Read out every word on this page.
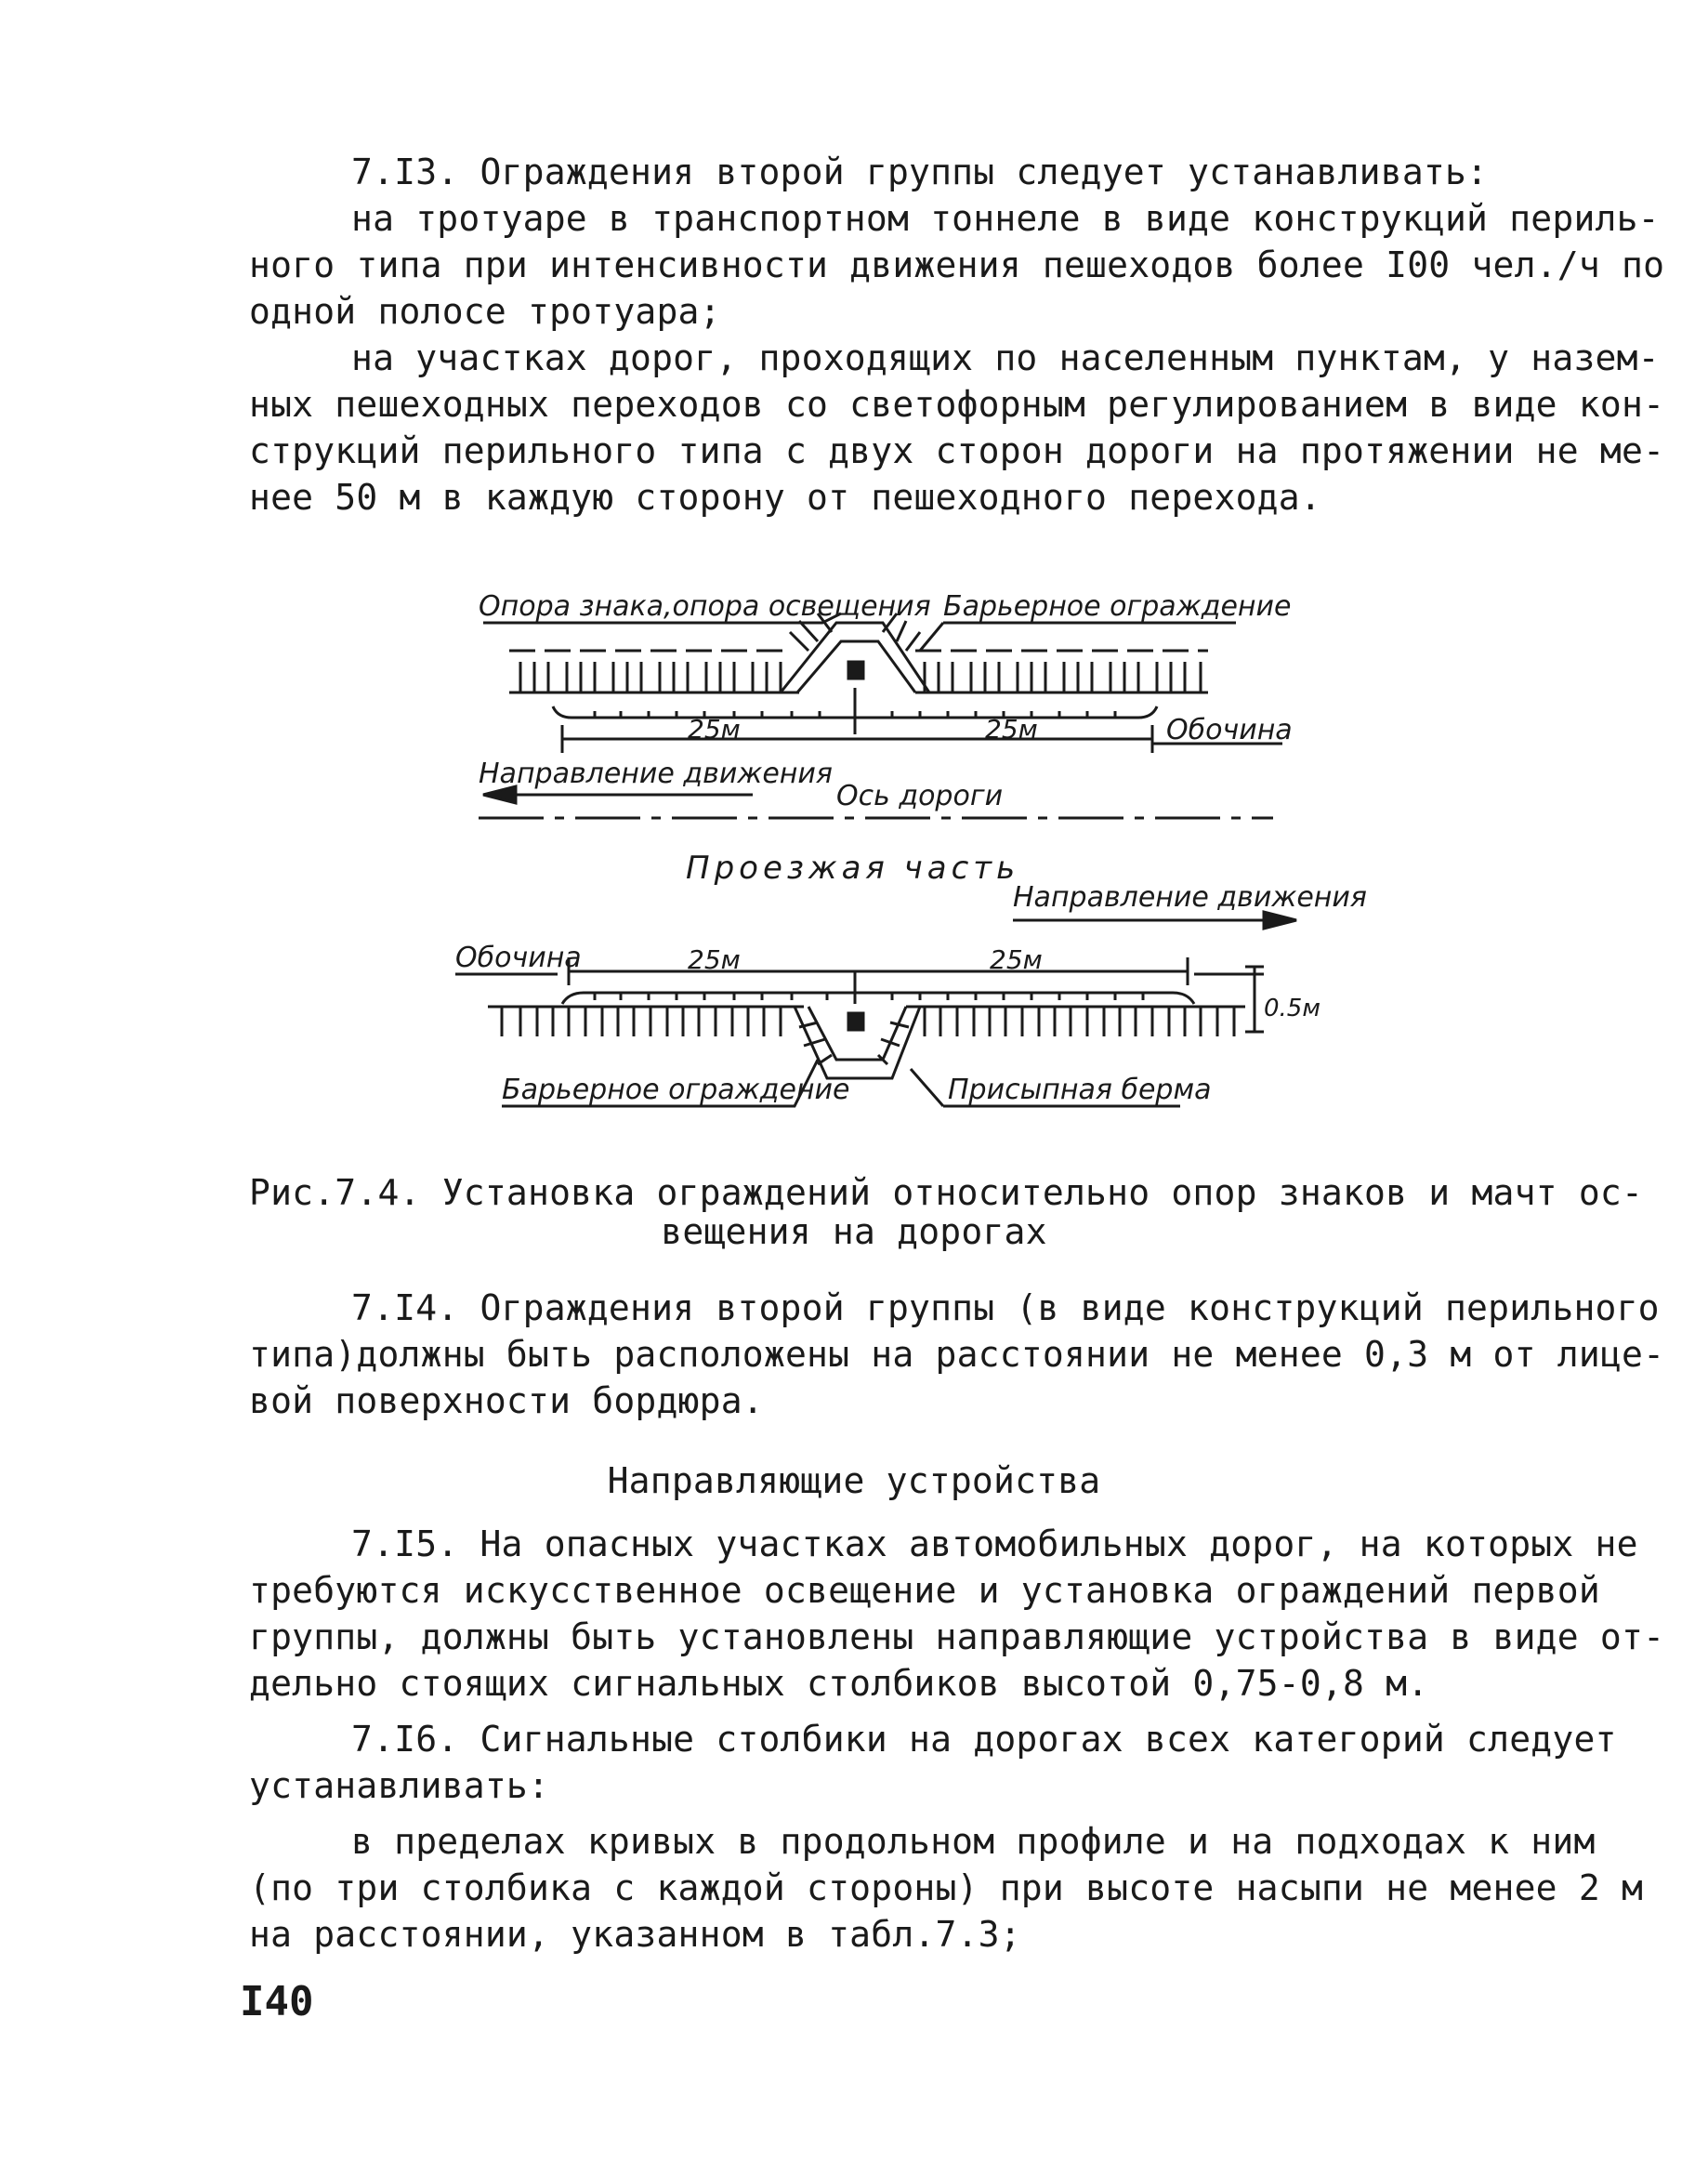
7.I3. Ограждения второй группы следует устанавливать:
на тротуаре в транспортном тоннеле в виде конструкций периль-
ного типа при интенсивности движения пешеходов более I00 чел./ч по
одной полосе тротуара;
на участках дорог, проходящих по населенным пунктам, у назем-
ных пешеходных переходов со светофорным регулированием в виде кон-
струкций перильного типа с двух сторон дороги на протяжении не ме-
нее 50 м в каждую сторону от пешеходного перехода.
Опора знака,опора освещения Барьерное ограждение
25м	25м	Обочина
Направление движения
Ось дороги
Проезжая часть
Направление движения
Обочина	25м	25м
0.5м
Барьерное ограждение	Присыпная берма
Рис.7.4. Установка ограждений относительно опор знаков и мачт ос-
вещения на дорогах
7.I4. Ограждения второй группы (в виде конструкций перильного
типа)должны быть расположены на расстоянии не менее 0,3 м от лице-
вой поверхности бордюра.
Направляющие устройства
7.I5. На опасных участках автомобильных дорог, на которых не
требуются искусственное освещение и установка ограждений первой
группы, должны быть установлены направляющие устройства в виде от-
дельно стоящих сигнальных столбиков высотой 0,75-0,8 м.
7.I6. Сигнальные столбики на дорогах всех категорий следует
устанавливать:
в пределах кривых в продольном профиле и на подходах к ним
(по три столбика с каждой стороны) при высоте насыпи не менее 2 м
на расстоянии, указанном в табл.7.3;
I40
